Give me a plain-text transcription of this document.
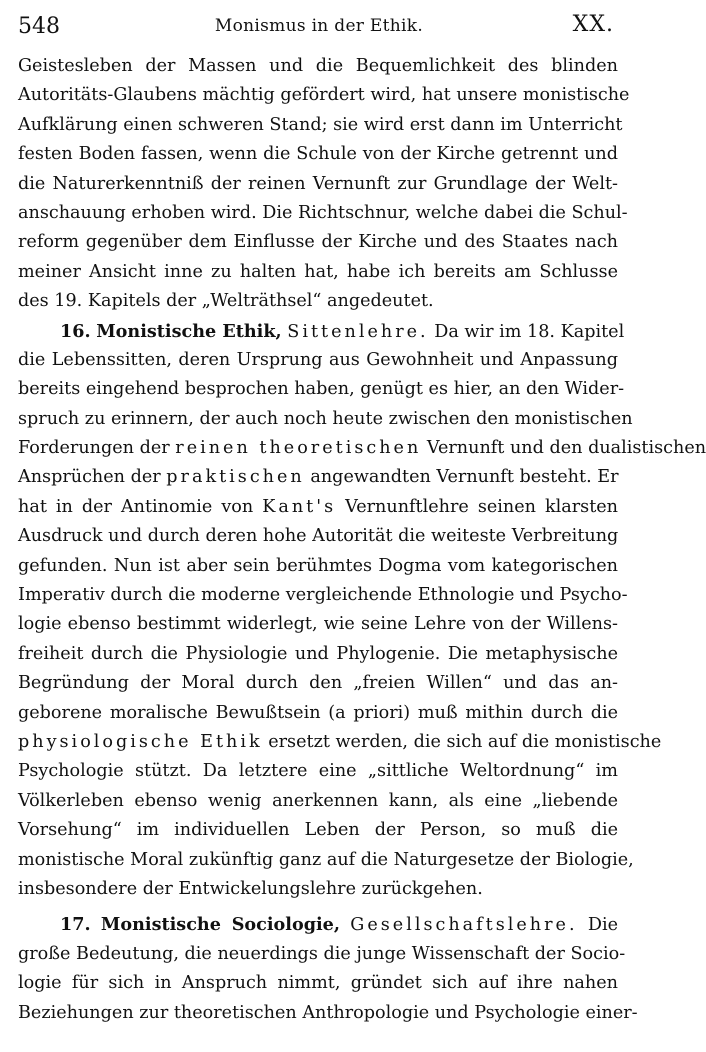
548	Monismus in der Ethik.	XX.
Geistesleben der Massen und die Bequemlichkeit des blinden
Autoritäts-Glaubens mächtig gefördert wird, hat unsere monistische
Aufklärung einen schweren Stand; sie wird erst dann im Unterricht
festen Boden fassen, wenn die Schule von der Kirche getrennt und
die Naturerkenntniß der reinen Vernunft zur Grundlage der Welt-
anschauung erhoben wird. Die Richtschnur, welche dabei die Schul-
reform gegenüber dem Einflusse der Kirche und des Staates nach
meiner Ansicht inne zu halten hat, habe ich bereits am Schlusse
des 19. Kapitels der „Welträthsel“ angedeutet.
16. Monistische Ethik, Sittenlehre. Da wir im 18. Kapitel
die Lebenssitten, deren Ursprung aus Gewohnheit und Anpassung
bereits eingehend besprochen haben, genügt es hier, an den Wider-
spruch zu erinnern, der auch noch heute zwischen den monistischen
Forderungen der reinen theoretischen Vernunft und den dualistischen
Ansprüchen der praktischen angewandten Vernunft besteht. Er
hat in der Antinomie von Kant's Vernunftlehre seinen klarsten
Ausdruck und durch deren hohe Autorität die weiteste Verbreitung
gefunden. Nun ist aber sein berühmtes Dogma vom kategorischen
Imperativ durch die moderne vergleichende Ethnologie und Psycho-
logie ebenso bestimmt widerlegt, wie seine Lehre von der Willens-
freiheit durch die Physiologie und Phylogenie. Die metaphysische
Begründung der Moral durch den „freien Willen“ und das an-
geborene moralische Bewußtsein (a priori) muß mithin durch die
physiologische Ethik ersetzt werden, die sich auf die monistische
Psychologie stützt. Da letztere eine „sittliche Weltordnung“ im
Völkerleben ebenso wenig anerkennen kann, als eine „liebende
Vorsehung“ im individuellen Leben der Person, so muß die
monistische Moral zukünftig ganz auf die Naturgesetze der Biologie,
insbesondere der Entwickelungslehre zurückgehen.
17. Monistische Sociologie, Gesellschaftslehre. Die
große Bedeutung, die neuerdings die junge Wissenschaft der Socio-
logie für sich in Anspruch nimmt, gründet sich auf ihre nahen
Beziehungen zur theoretischen Anthropologie und Psychologie einer-
